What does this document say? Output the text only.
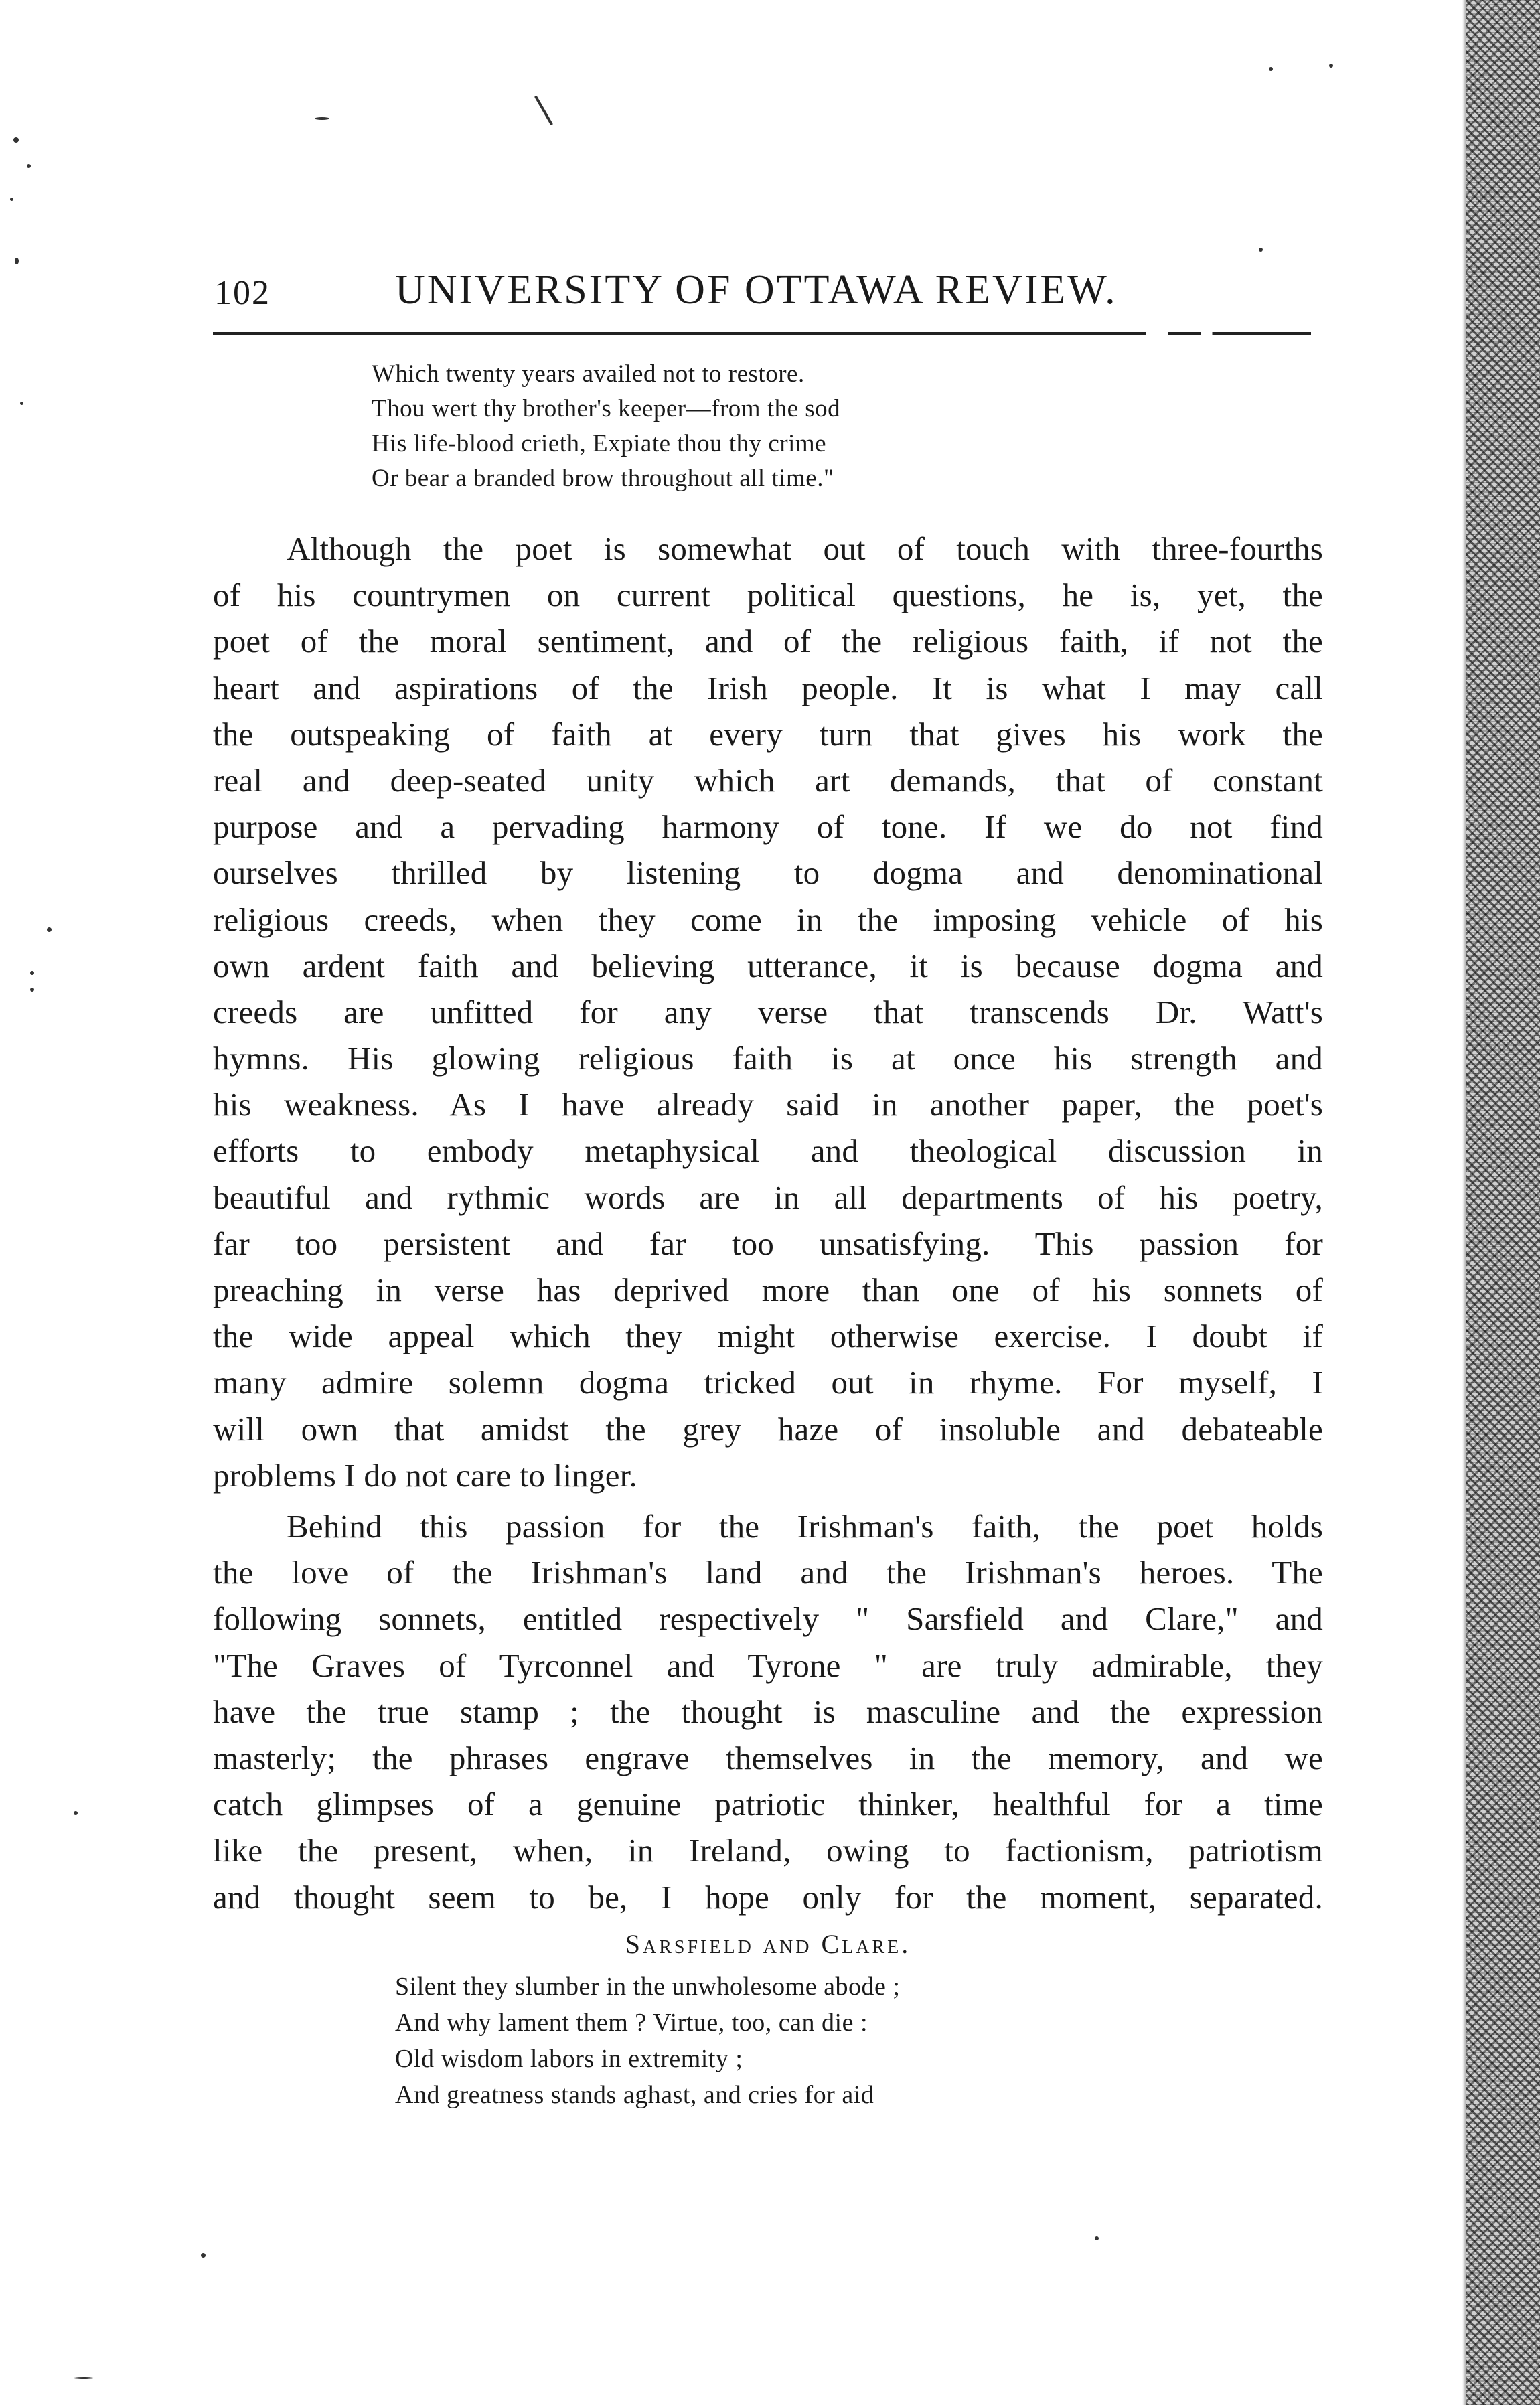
102	UNIVERSITY OF OTTAWA REVIEW.
Which twenty years availed not to restore.
Thou wert thy brother's keeper—from the sod
His life-blood crieth, Expiate thou thy crime
Or bear a branded brow throughout all time."
Although the poet is somewhat out of touch with three-fourths
of his countrymen on current political questions, he is, yet, the
poet of the moral sentiment, and of the religious faith, if not the
heart and aspirations of the Irish people. It is what I may call
the outspeaking of faith at every turn that gives his work the
real and deep-seated unity which art demands, that of constant
purpose and a pervading harmony of tone. If we do not find
ourselves thrilled by listening to dogma and denominational
religious creeds, when they come in the imposing vehicle of his
own ardent faith and believing utterance, it is because dogma and
creeds are unfitted for any verse that transcends Dr. Watt's
hymns. His glowing religious faith is at once his strength and
his weakness. As I have already said in another paper, the poet's
efforts to embody metaphysical and theological discussion in
beautiful and rythmic words are in all departments of his poetry,
far too persistent and far too unsatisfying. This passion for
preaching in verse has deprived more than one of his sonnets of
the wide appeal which they might otherwise exercise. I doubt if
many admire solemn dogma tricked out in rhyme. For myself, I
will own that amidst the grey haze of insoluble and debateable
problems I do not care to linger.
Behind this passion for the Irishman's faith, the poet holds
the love of the Irishman's land and the Irishman's heroes. The
following sonnets, entitled respectively " Sarsfield and Clare," and
"The Graves of Tyrconnel and Tyrone " are truly admirable, they
have the true stamp ; the thought is masculine and the expression
masterly; the phrases engrave themselves in the memory, and we
catch glimpses of a genuine patriotic thinker, healthful for a time
like the present, when, in Ireland, owing to factionism, patriotism
and thought seem to be, I hope only for the moment, separated.
Sarsfield and Clare.
Silent they slumber in the unwholesome abode ;
And why lament them ? Virtue, too, can die :
Old wisdom labors in extremity ;
And greatness stands aghast, and cries for aid
